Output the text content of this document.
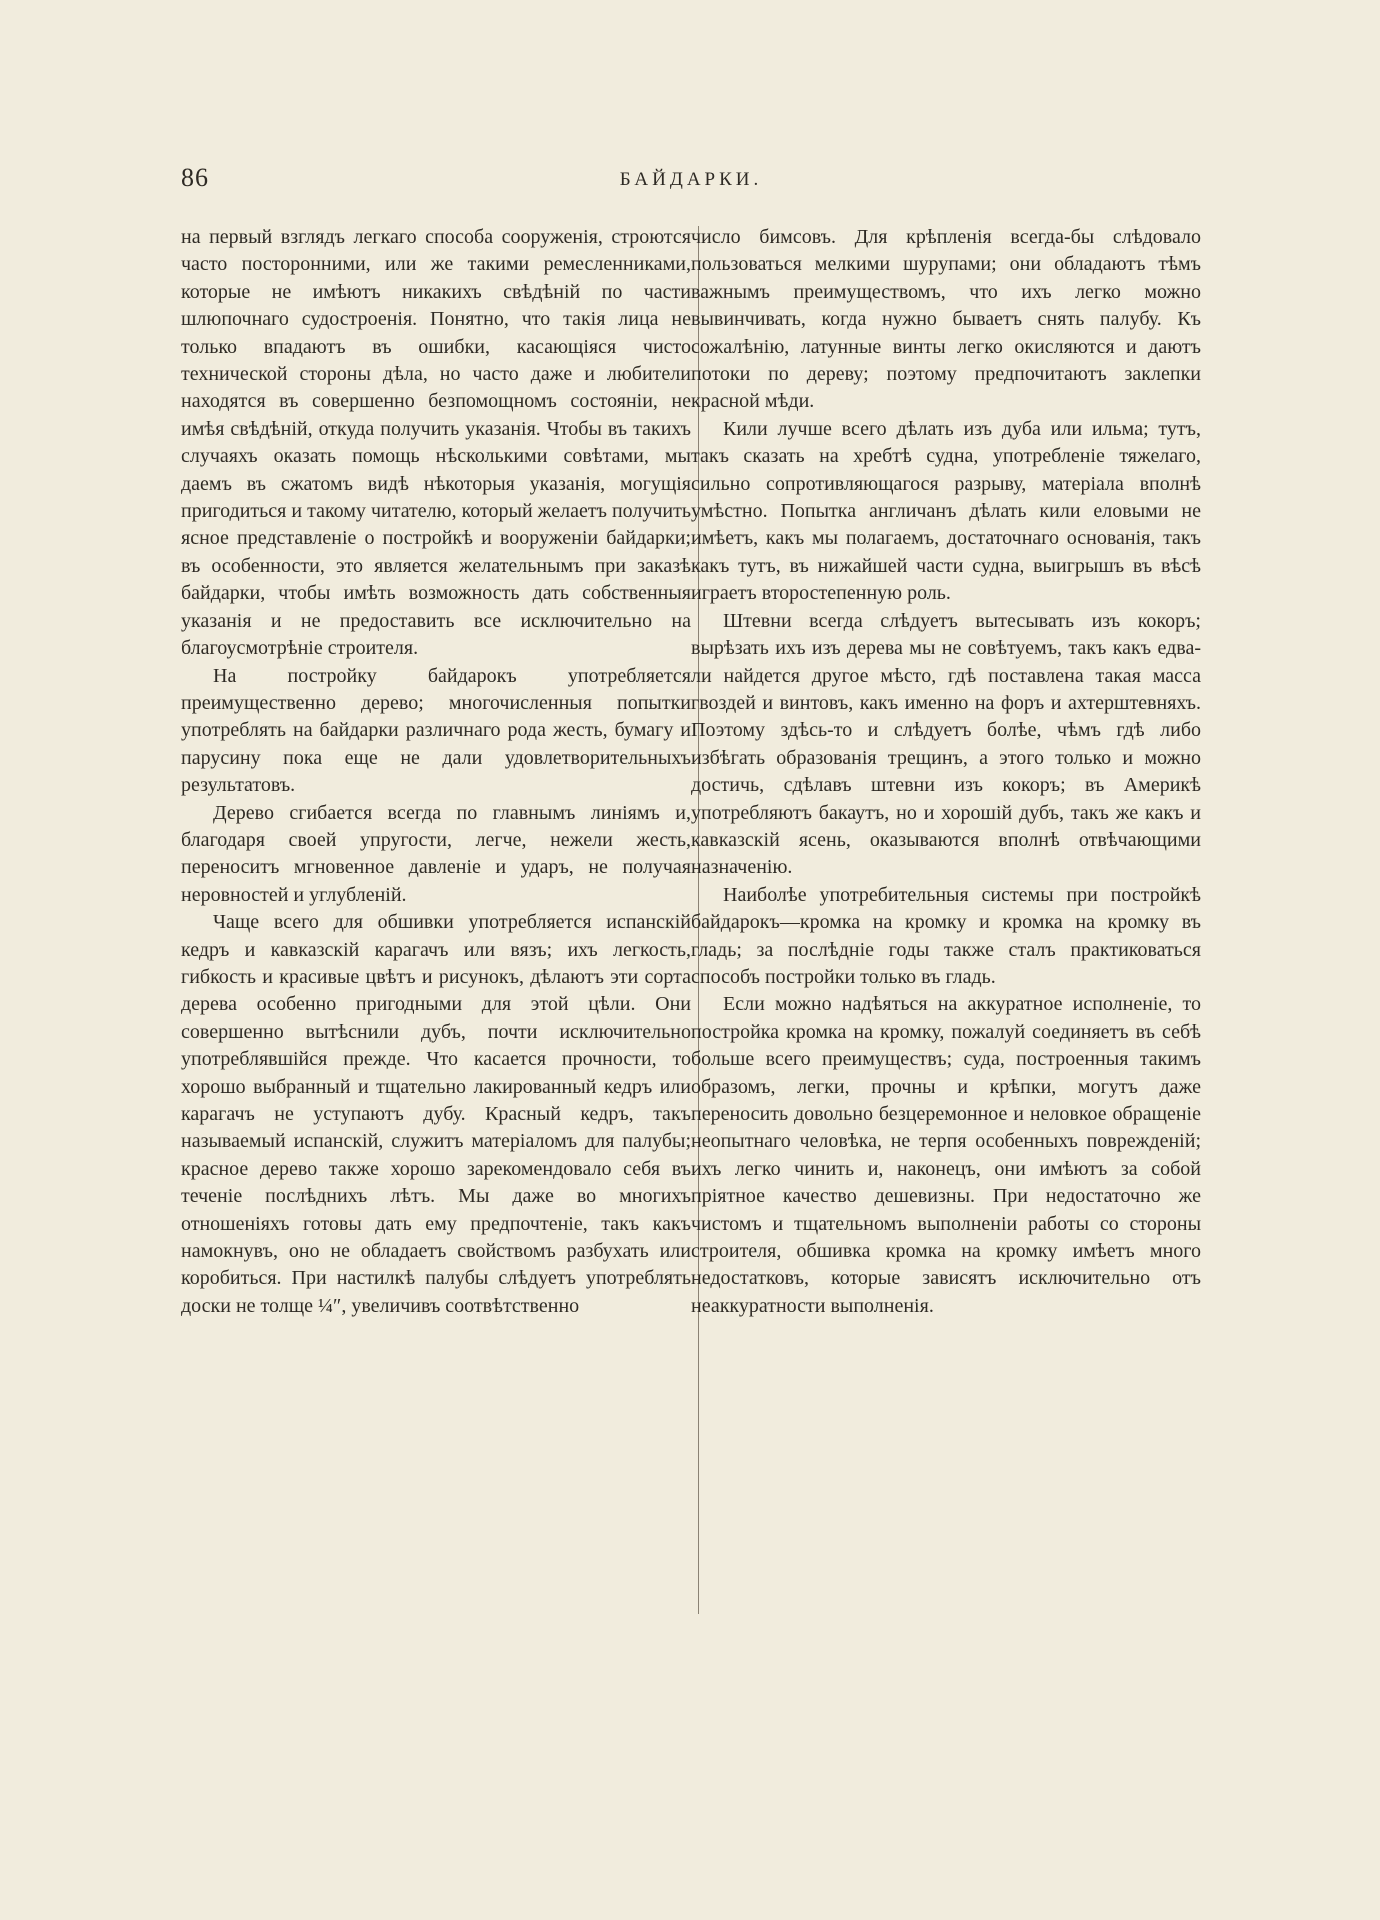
86	БАЙДАРКИ.

на первый взглядъ легкаго способа сооруженія, строются часто посторонними, или же такими ремесленниками, которые не имѣютъ никакихъ свѣдѣній по части шлюпочнаго судостроенія. Понятно, что такія лица не только впадаютъ въ ошибки, касающіяся чисто технической стороны дѣла, но часто даже и любители находятся въ совершенно безпомощномъ состояніи, не имѣя свѣдѣній, откуда получить указанія. Чтобы въ такихъ случаяхъ оказать помощь нѣсколькими совѣтами, мы даемъ въ сжатомъ видѣ нѣкоторыя указанія, могущія пригодиться и такому читателю, который желаетъ получить ясное представленіе о постройкѣ и вооруженіи байдарки; въ особенности, это является желательнымъ при заказѣ байдарки, чтобы имѣть возможность дать собственныя указанія и не предоставить все исключительно на благоусмотрѣніе строителя.

На постройку байдарокъ употребляется преимущественно дерево; многочисленныя попытки употреблять на байдарки различнаго рода жесть, бумагу и парусину пока еще не дали удовлетворительныхъ результатовъ.

Дерево сгибается всегда по главнымъ линіямъ и, благодаря своей упругости, легче, нежели жесть, переноситъ мгновенное давленіе и ударъ, не получая неровностей и углубленій.

Чаще всего для обшивки употребляется испанскій кедръ и кавказскій карагачъ или вязъ; ихъ легкость, гибкость и красивые цвѣтъ и рисунокъ, дѣлаютъ эти сорта дерева особенно пригодными для этой цѣли. Они совершенно вытѣснили дубъ, почти исключительно употреблявшійся прежде. Что касается прочности, то хорошо выбранный и тщательно лакированный кедръ или карагачъ не уступаютъ дубу. Красный кедръ, такъ называемый испанскій, служитъ матеріаломъ для палубы; красное дерево также хорошо зарекомендовало себя въ теченіе послѣднихъ лѣтъ. Мы даже во многихъ отношеніяхъ готовы дать ему предпочтеніе, такъ какъ намокнувъ, оно не обладаетъ свойствомъ разбухать или коробиться. При настилкѣ палубы слѣдуетъ употреблять доски не толще ¼″, увеличивъ соотвѣтственно

число бимсовъ. Для крѣпленія всегда-бы слѣдовало пользоваться мелкими шурупами; они обладаютъ тѣмъ важнымъ преимуществомъ, что ихъ легко можно вывинчивать, когда нужно бываетъ снять палубу. Къ сожалѣнію, латунные винты легко окисляются и даютъ потоки по дереву; поэтому предпочитаютъ заклепки красной мѣди.

Кили лучше всего дѣлать изъ дуба или ильма; тутъ, такъ сказать на хребтѣ судна, употребленіе тяжелаго, сильно сопротивляющагося разрыву, матеріала вполнѣ умѣстно. Попытка англичанъ дѣлать кили еловыми не имѣетъ, какъ мы полагаемъ, достаточнаго основанія, такъ какъ тутъ, въ нижайшей части судна, выигрышъ въ вѣсѣ играетъ второстепенную роль.

Штевни всегда слѣдуетъ вытесывать изъ кокоръ; вырѣзать ихъ изъ дерева мы не совѣтуемъ, такъ какъ едва-ли найдется другое мѣсто, гдѣ поставлена такая масса гвоздей и винтовъ, какъ именно на форъ и ахтерштевняхъ. Поэтому здѣсь-то и слѣдуетъ болѣе, чѣмъ гдѣ либо избѣгать образованія трещинъ, а этого только и можно достичь, сдѣлавъ штевни изъ кокоръ; въ Америкѣ употребляютъ бакаутъ, но и хорошій дубъ, такъ же какъ и кавказскій ясень, оказываются вполнѣ отвѣчающими назначенію.

Наиболѣе употребительныя системы при постройкѣ байдарокъ—кромка на кромку и кромка на кромку въ гладь; за послѣдніе годы также сталъ практиковаться способъ постройки только въ гладь.

Если можно надѣяться на аккуратное исполненіе, то постройка кромка на кромку, пожалуй соединяетъ въ себѣ больше всего преимуществъ; суда, построенныя такимъ образомъ, легки, прочны и крѣпки, могутъ даже переносить довольно безцеремонное и неловкое обращеніе неопытнаго человѣка, не терпя особенныхъ поврежденій; ихъ легко чинить и, наконецъ, они имѣютъ за собой пріятное качество дешевизны. При недостаточно же чистомъ и тщательномъ выполненіи работы со стороны строителя, обшивка кромка на кромку имѣетъ много недостатковъ, которые зависятъ исключительно отъ неаккуратности выполненія.
